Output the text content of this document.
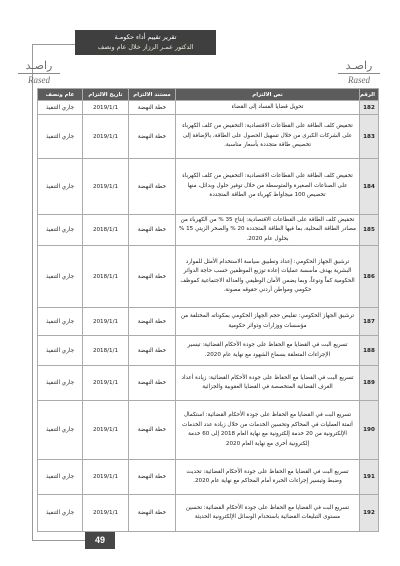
تقرير تقييم أداء حكومـة
الدكتور عمـر الرزاز خلال عام ونصف
راصـد
Rased
راصـد
Rased
الرقم	نص الالتزام	مستند الالتزام	تاريخ الالتزام	عام ونصف
182	تحويل قضايا الفساد إلى القضاء	خطة النهضة	2019/1/1	جاري التنفيذ
183	تخفيض كلف الطاقة على القطاعات الاقتصادية: التخفيض من كلف الكهرباء على الشركات الكبرى من خلال تسهيل الحصول على الطاقة، بالإضافة إلى تخصيص طاقة متجددة بأسعار مناسبة.	خطة النهضة	2019/1/1	جاري التنفيذ
184	تخفيض كلف الطاقة على القطاعات الاقتصادية: التخفيض من كلف الكهرباء على الصناعات الصغيرة والمتوسطة من خلال توفير حلول وبدائل، منها تخصيص 100 ميجاواط كهرباء من الطاقة المتجددة	خطة النهضة	2019/1/1	جاري التنفيذ
185	تخفيض كلف الطاقة على القطاعات الاقتصادية: إنتاج 35 % من الكهرباء من مصادر الطاقة المحلية، بما فيها الطاقة المتجددة 20 % والصخر الزيتي 15 % بحلول عام 2020.	خطة النهضة	2018/1/1	جاري التنفيذ
186	ترشيق الجهاز الحكومي: إعداد وتطبيق سياسة الاستخدام الأمثل للموارد البشرية بهدف مأسسة عمليات إعادة توزيع الموظفين حسب حاجة الدوائر الحكومية كماً ونوعاً، وبما يضمن الأمان الوظيفي والعدالة الاجتماعية كموظف حكومي ومواطن أردني حقوقه مصونة.	خطة النهضة	2018/1/1	جاري التنفيذ
187	ترشيق الجهاز الحكومي: تقليص حجم الجهاز الحكومي بمكوناته المختلفة من مؤسسات ووزارات ودوائر حكومية	خطة النهضة	2019/1/1	جاري التنفيذ
188	تسريع البت في القضايا مع الحفاظ على جودة الأحكام القضائية: تيسير الإجراءات المتعلقة بسماع الشهود مع نهاية عام 2020.	خطة النهضة	2018/1/1	جاري التنفيذ
189	تسريع البت في القضايا مع الحفاظ على جودة الأحكام القضائية: زيادة أعداد الغرف القضائية المتخصصة في القضايا العقوبية والجزائية	خطة النهضة	2019/1/1	جاري التنفيذ
190	تسريع البت في القضايا مع الحفاظ على جودة الأحكام القضائية: استكمال أتمتة العمليات في المحاكم وتحسين الخدمات من خلال زيادة عدد الخدمات الإلكترونية من 20 خدمة إلكترونية مع نهاية العام 2018 إلى 60 خدمة إلكترونية أخرى مع نهاية العام 2020	خطة النهضة	2019/1/1	جاري التنفيذ
191	تسريع البت في القضايا مع الحفاظ على جودة الأحكام القضائية: تحديث وضبط وتيسير إجراءات الخبرة أمام المحاكم مع نهاية عام 2020.	خطة النهضة	2019/1/1	جاري التنفيذ
192	تسريع البت في القضايا مع الحفاظ على جودة الأحكام القضائية: تحسين مستوى التبليغات القضائية باستخدام الوسائل الإلكترونية الحديثة	خطة النهضة	2019/1/1	جاري التنفيذ
49
